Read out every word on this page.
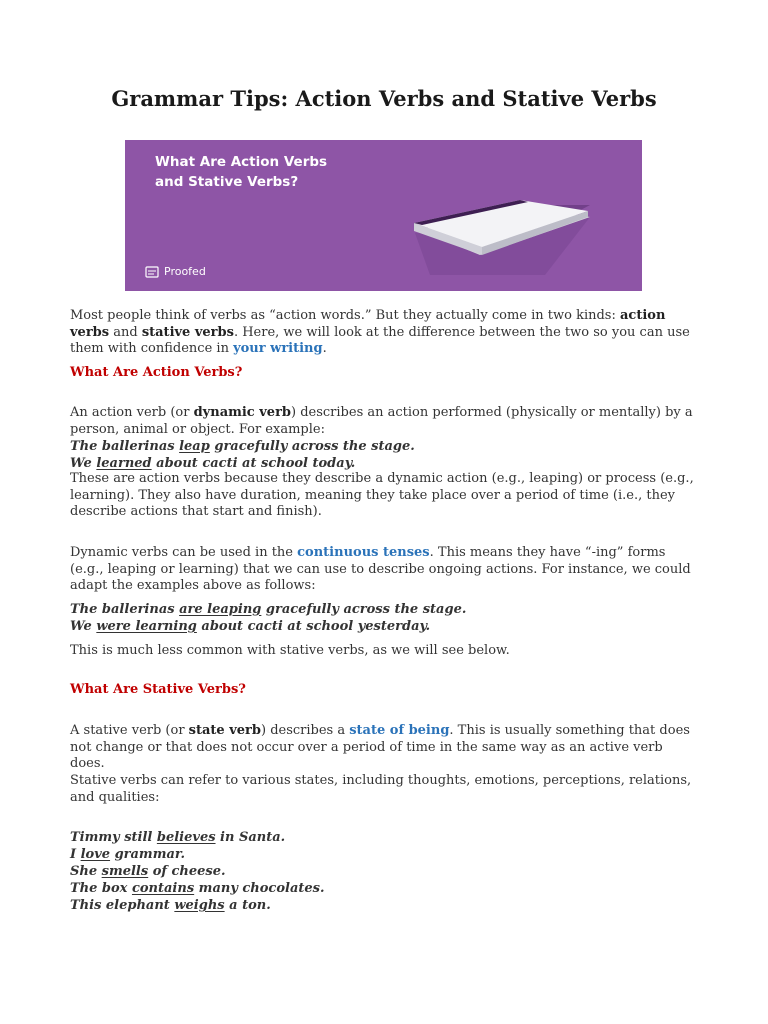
Grammar Tips: Action Verbs and Stative Verbs
What Are Action Verbs
and Stative Verbs?
Proofed

Most people think of verbs as “action words.” But they actually come in two kinds: action verbs and stative verbs. Here, we will look at the difference between the two so you can use them with confidence in your writing.

What Are Action Verbs?

An action verb (or dynamic verb) describes an action performed (physically or mentally) by a person, animal or object. For example:

The ballerinas leap gracefully across the stage.
We learned about cacti at school today.

These are action verbs because they describe a dynamic action (e.g., leaping) or process (e.g., learning). They also have duration, meaning they take place over a period of time (i.e., they describe actions that start and finish).

Dynamic verbs can be used in the continuous tenses. This means they have “-ing” forms (e.g., leaping or learning) that we can use to describe ongoing actions. For instance, we could adapt the examples above as follows:

The ballerinas are leaping gracefully across the stage.
We were learning about cacti at school yesterday.

This is much less common with stative verbs, as we will see below.

What Are Stative Verbs?

A stative verb (or state verb) describes a state of being. This is usually something that does not change or that does not occur over a period of time in the same way as an active verb does.

Stative verbs can refer to various states, including thoughts, emotions, perceptions, relations, and qualities:

Timmy still believes in Santa.
I love grammar.
She smells of cheese.
The box contains many chocolates.
This elephant weighs a ton.
